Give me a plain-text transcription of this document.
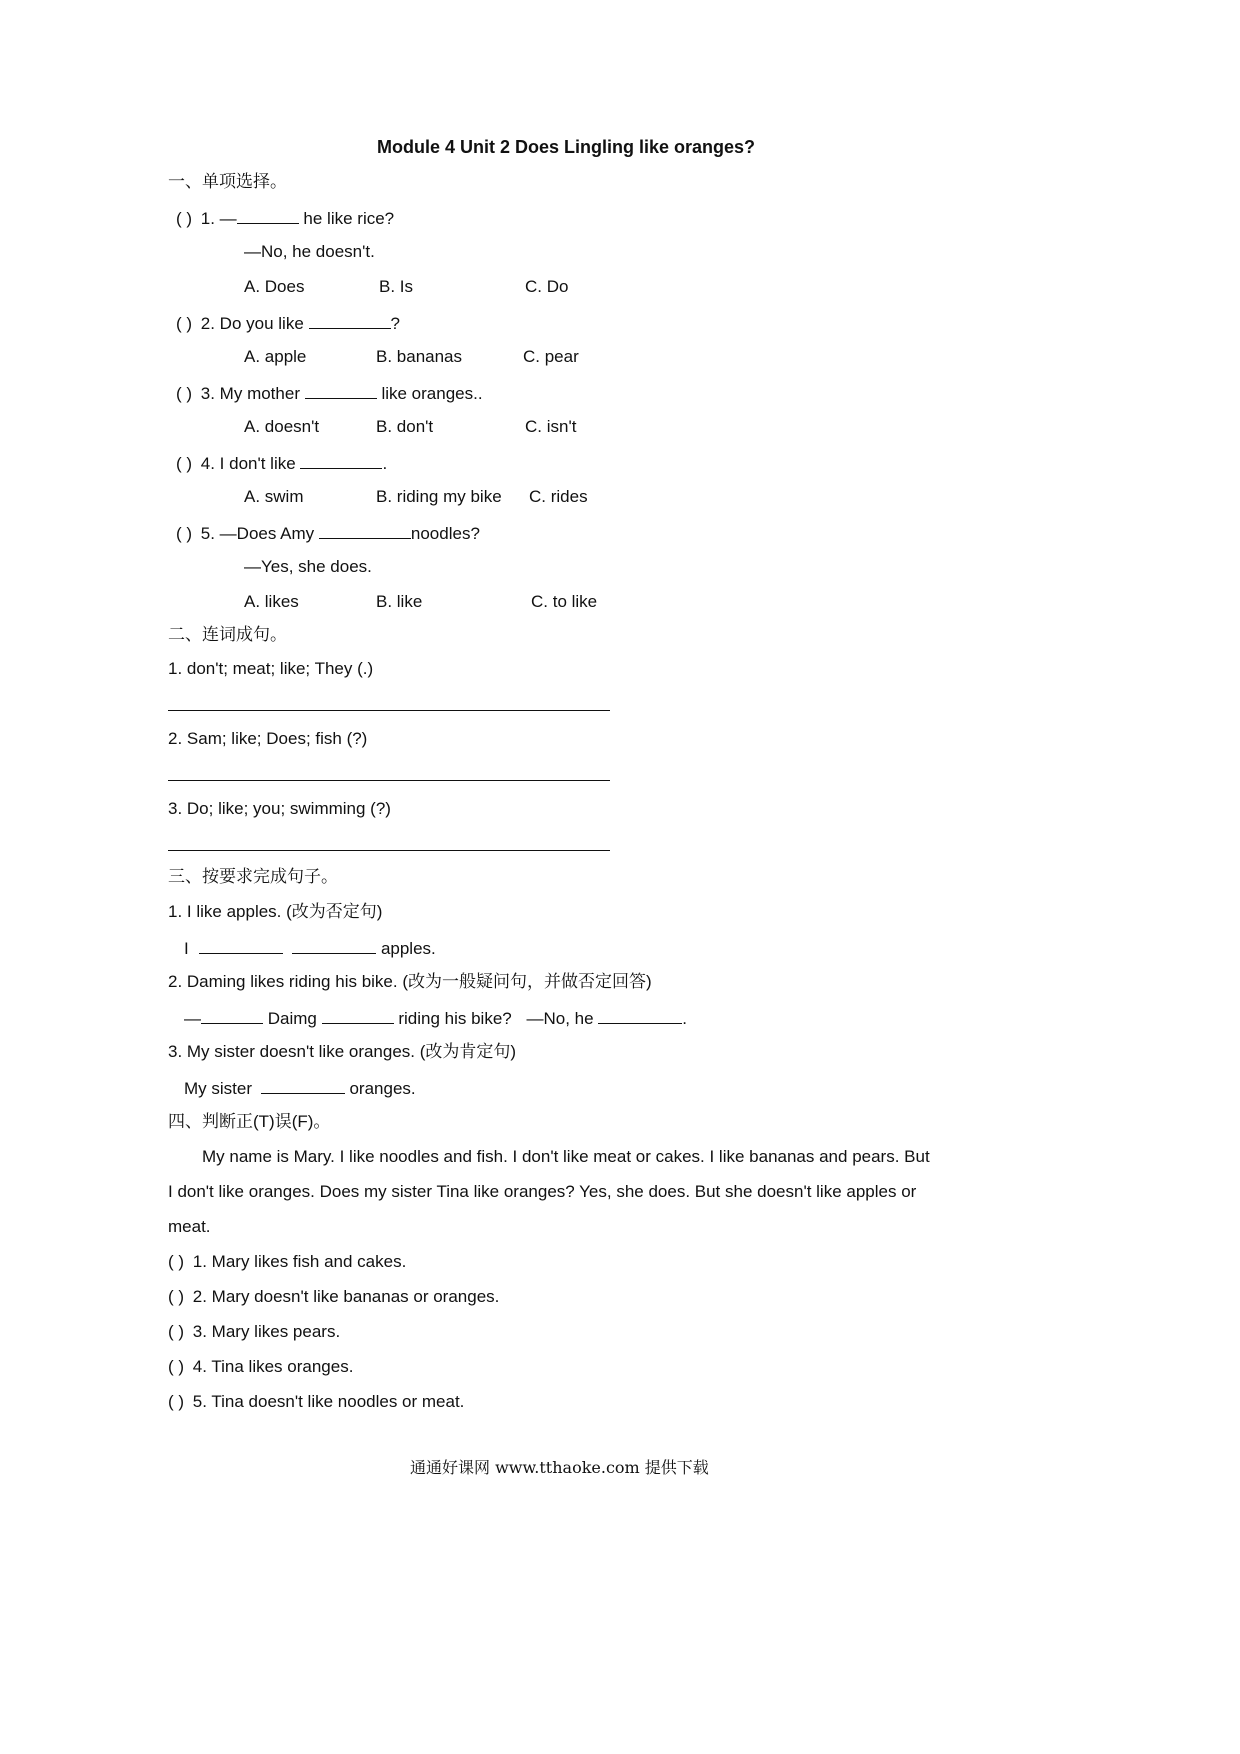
Module 4 Unit 2 Does Lingling like oranges?
一、单项选择。
( ) 1. —	he like rice?
—No, he doesn't.
A. Does	B. Is	C. Do
( ) 2. Do you like	?
A. apple	B. bananas	C. pear
( ) 3. My mother	like oranges..
A. doesn't	B. don't	C. isn't
( ) 4. I don't like	.
A. swim	B. riding my bike C. rides
( ) 5. —Does Amy	noodles?
—Yes, she does.
A. likes	B. like	C. to like
二、连词成句。
1. don't; meat; like; They (.)
2. Sam; like; Does; fish (?)
3. Do; like; you; swimming (?)
三、按要求完成句子。
1. I like apples. (改为否定句)
I	apples.
2. Daming likes riding his bike. (改为一般疑问句，并做否定回答)
—	Daimg	riding his bike? —No, he	.
3. My sister doesn't like oranges. (改为肯定句)
My sister	oranges.
四、判断正(T)误(F)。
My name is Mary. I like noodles and fish. I don't like meat or cakes. I like bananas and pears. But
I don't like oranges. Does my sister Tina like oranges? Yes, she does. But she doesn't like apples or
meat.
( ) 1. Mary likes fish and cakes.
( ) 2. Mary doesn't like bananas or oranges.
( ) 3. Mary likes pears.
( ) 4. Tina likes oranges.
( ) 5. Tina doesn't like noodles or meat.
通通好课网 www.tthaoke.com 提供下载
